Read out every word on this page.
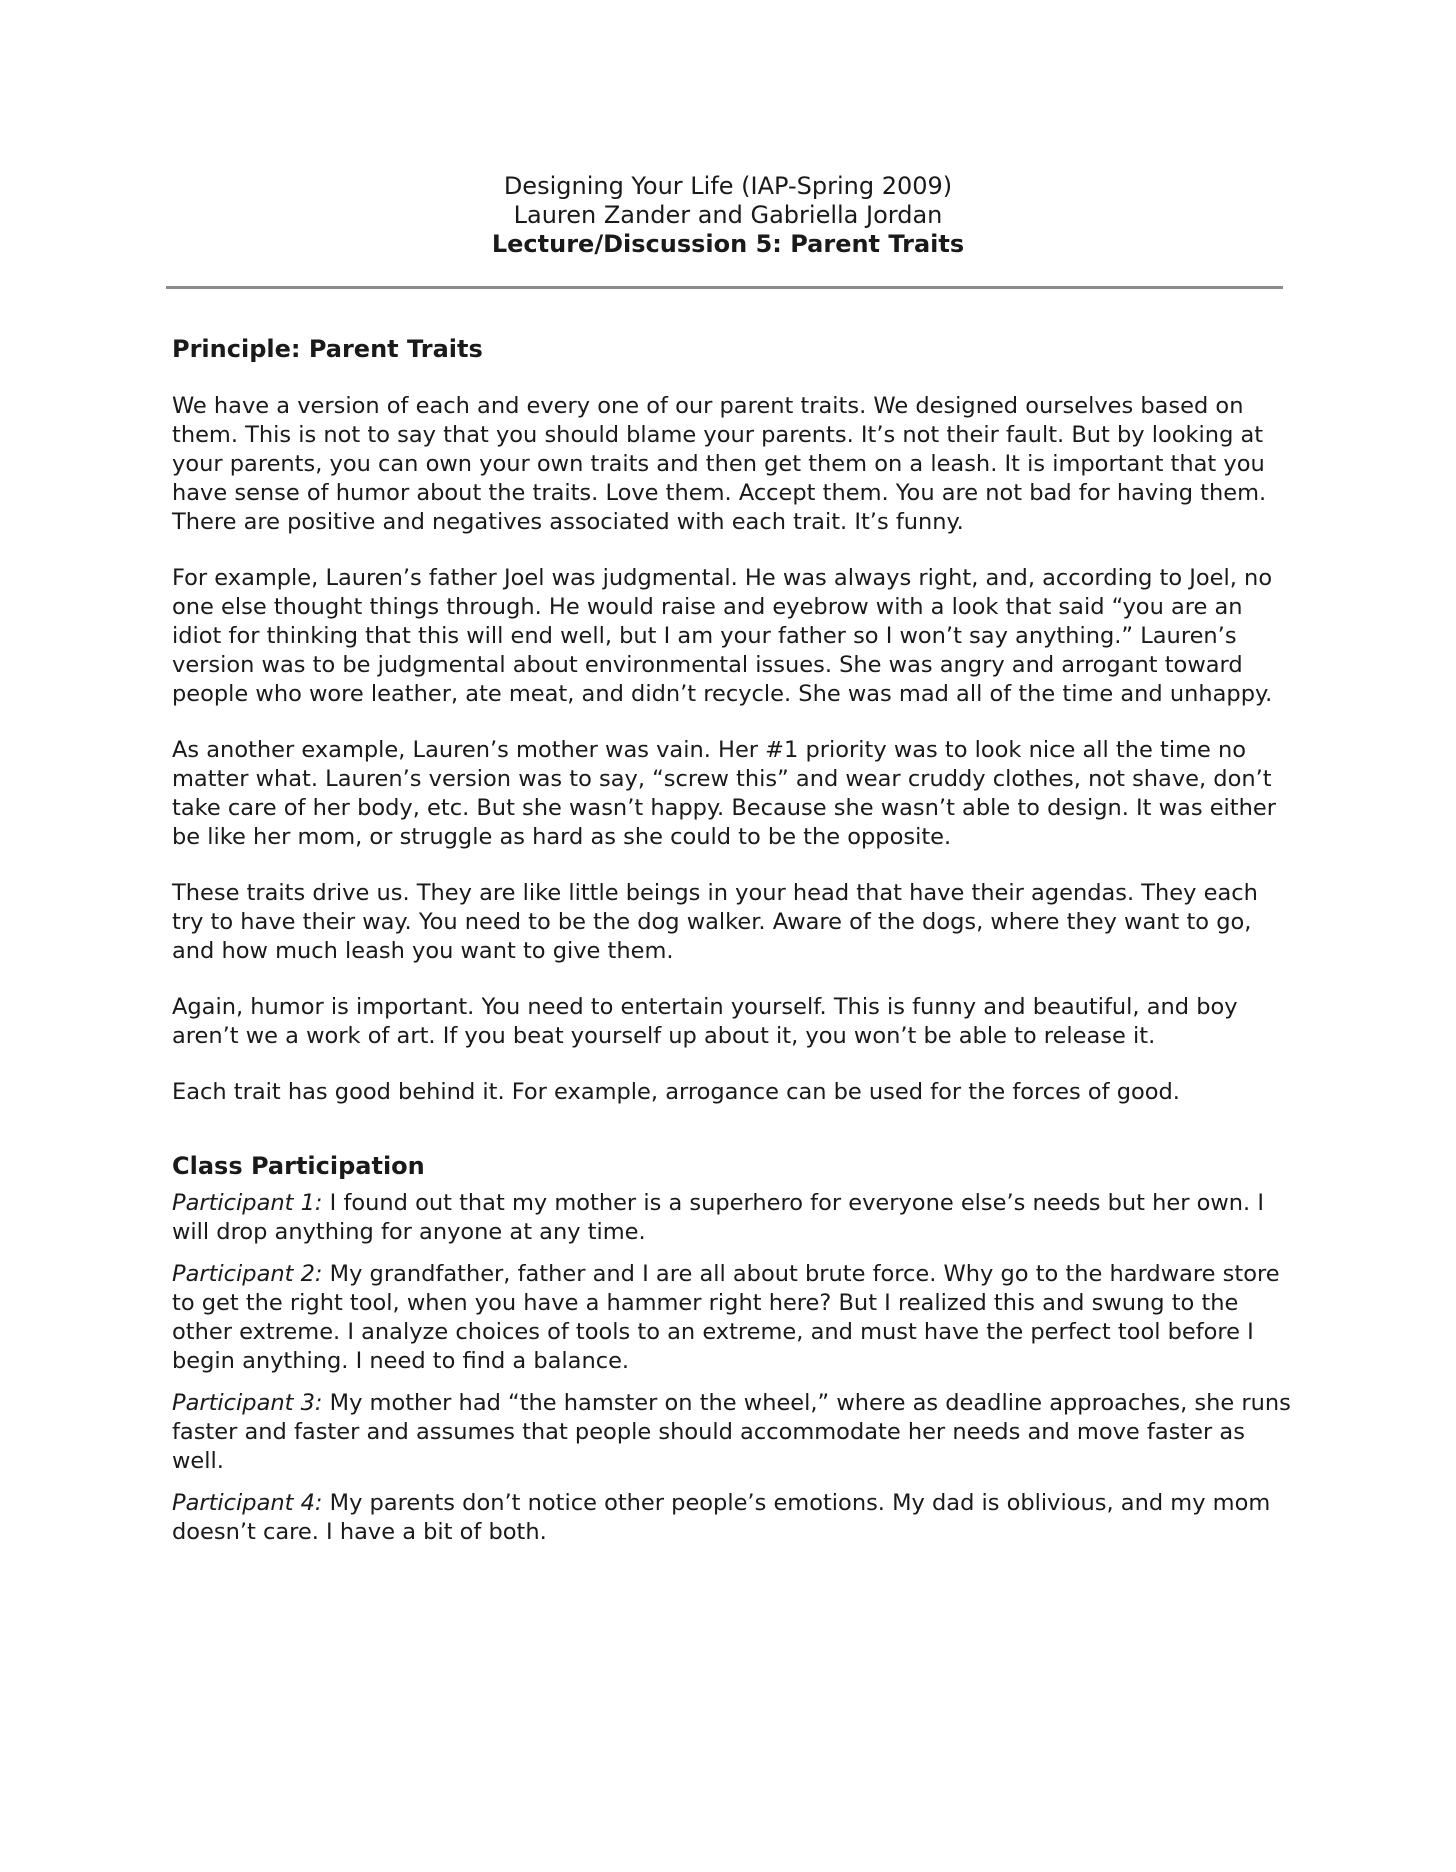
Designing Your Life (IAP-Spring 2009)
Lauren Zander and Gabriella Jordan
Lecture/Discussion 5: Parent Traits
Principle: Parent Traits

We have a version of each and every one of our parent traits. We designed ourselves based on them. This is not to say that you should blame your parents. It’s not their fault. But by looking at your parents, you can own your own traits and then get them on a leash. It is important that you have sense of humor about the traits. Love them. Accept them. You are not bad for having them. There are positive and negatives associated with each trait. It’s funny.

For example, Lauren’s father Joel was judgmental. He was always right, and, according to Joel, no one else thought things through. He would raise and eyebrow with a look that said “you are an idiot for thinking that this will end well, but I am your father so I won’t say anything.” Lauren’s version was to be judgmental about environmental issues. She was angry and arrogant toward people who wore leather, ate meat, and didn’t recycle. She was mad all of the time and unhappy.

As another example, Lauren’s mother was vain. Her #1 priority was to look nice all the time no matter what. Lauren’s version was to say, “screw this” and wear cruddy clothes, not shave, don’t take care of her body, etc. But she wasn’t happy. Because she wasn’t able to design. It was either be like her mom, or struggle as hard as she could to be the opposite.

These traits drive us. They are like little beings in your head that have their agendas. They each try to have their way. You need to be the dog walker. Aware of the dogs, where they want to go, and how much leash you want to give them.

Again, humor is important. You need to entertain yourself. This is funny and beautiful, and boy aren’t we a work of art. If you beat yourself up about it, you won’t be able to release it.

Each trait has good behind it. For example, arrogance can be used for the forces of good.

Class Participation

Participant 1: I found out that my mother is a superhero for everyone else’s needs but her own. I will drop anything for anyone at any time.

Participant 2: My grandfather, father and I are all about brute force. Why go to the hardware store to get the right tool, when you have a hammer right here? But I realized this and swung to the other extreme. I analyze choices of tools to an extreme, and must have the perfect tool before I begin anything. I need to find a balance.

Participant 3: My mother had “the hamster on the wheel,” where as deadline approaches, she runs faster and faster and assumes that people should accommodate her needs and move faster as well.

Participant 4: My parents don’t notice other people’s emotions. My dad is oblivious, and my mom doesn’t care. I have a bit of both.
